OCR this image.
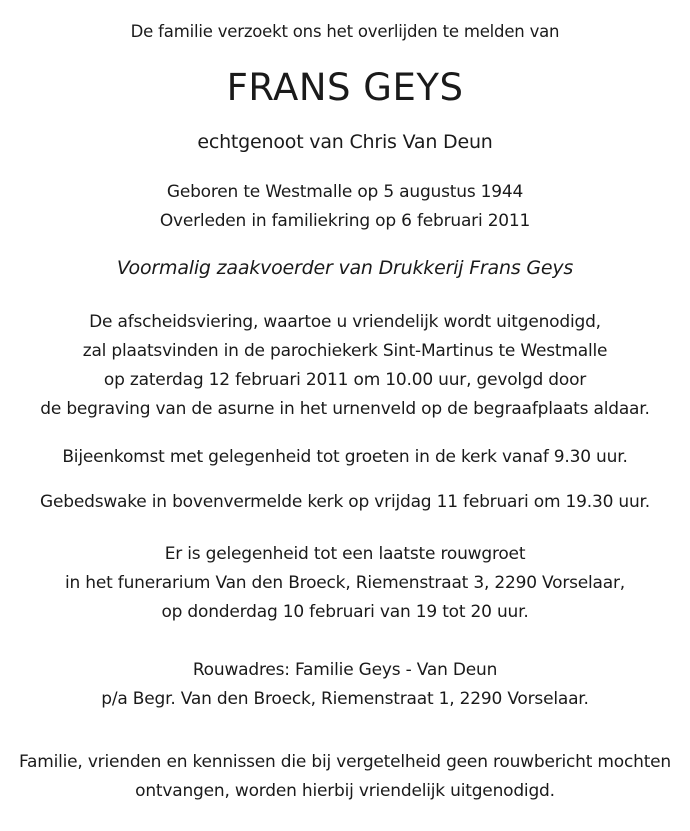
De familie verzoekt ons het overlijden te melden van
FRANS GEYS
echtgenoot van Chris Van Deun
Geboren te Westmalle op 5 augustus 1944
Overleden in familiekring op 6 februari 2011
Voormalig zaakvoerder van Drukkerij Frans Geys
De afscheidsviering, waartoe u vriendelijk wordt uitgenodigd,
zal plaatsvinden in de parochiekerk Sint-Martinus te Westmalle
op zaterdag 12 februari 2011 om 10.00 uur, gevolgd door
de begraving van de asurne in het urnenveld op de begraafplaats aldaar.
Bijeenkomst met gelegenheid tot groeten in de kerk vanaf 9.30 uur.
Gebedswake in bovenvermelde kerk op vrijdag 11 februari om 19.30 uur.
Er is gelegenheid tot een laatste rouwgroet
in het funerarium Van den Broeck, Riemenstraat 3, 2290 Vorselaar,
op donderdag 10 februari van 19 tot 20 uur.
Rouwadres: Familie Geys - Van Deun
p/a Begr. Van den Broeck, Riemenstraat 1, 2290 Vorselaar.
Familie, vrienden en kennissen die bij vergetelheid geen rouwbericht mochten
ontvangen, worden hierbij vriendelijk uitgenodigd.
